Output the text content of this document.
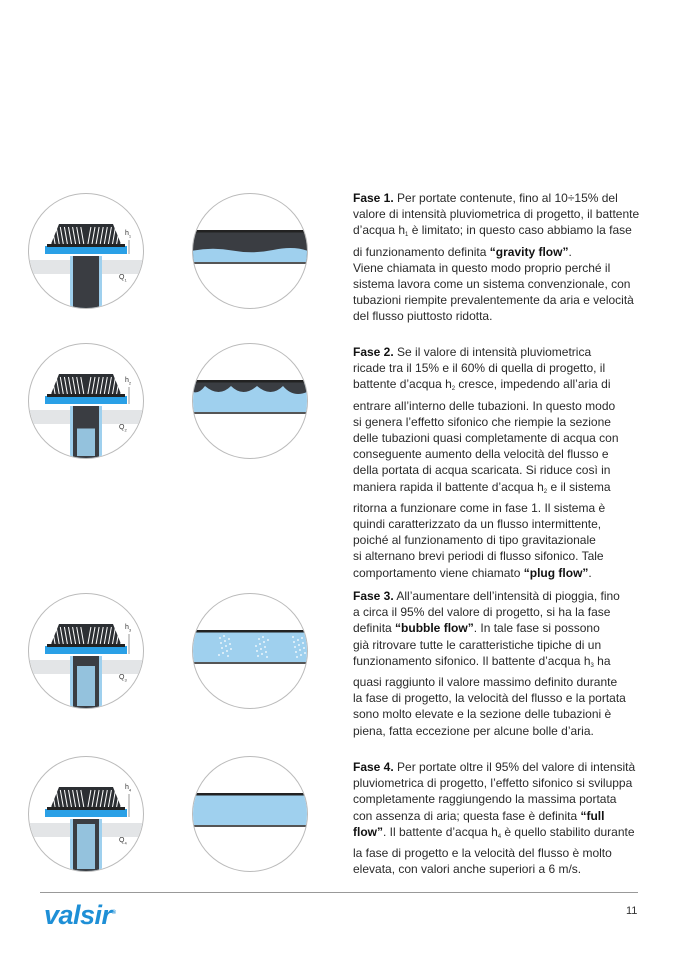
$h_1$
$Q_1$
Fase 1. Per portate contenute, fino al 10÷15% del
valore di intensità pluviometrica di progetto, il battente
d’acqua $h_1$ è limitato; in questo caso abbiamo la fase
di funzionamento definita “gravity flow”.
Viene chiamata in questo modo proprio perché il
sistema lavora come un sistema convenzionale, con
tubazioni riempite prevalentemente da aria e velocità
del flusso piuttosto ridotta.
$h_2$
$Q_2$
Fase 2. Se il valore di intensità pluviometrica
ricade tra il 15% e il 60% di quella di progetto, il
battente d’acqua $h_2$ cresce, impedendo all’aria di
entrare all’interno delle tubazioni. In questo modo
si genera l’effetto sifonico che riempie la sezione
delle tubazioni quasi completamente di acqua con
conseguente aumento della velocità del flusso e
della portata di acqua scaricata. Si riduce così in
maniera rapida il battente d’acqua $h_2$ e il sistema
ritorna a funzionare come in fase 1. Il sistema è
quindi caratterizzato da un flusso intermittente,
poiché al funzionamento di tipo gravitazionale
si alternano brevi periodi di flusso sifonico. Tale
comportamento viene chiamato “plug flow”.
$h_3$
$Q_3$
Fase 3. All’aumentare dell’intensità di pioggia, fino
a circa il 95% del valore di progetto, si ha la fase
definita “bubble flow”. In tale fase si possono
già ritrovare tutte le caratteristiche tipiche di un
funzionamento sifonico. Il battente d’acqua $h_3$ ha
quasi raggiunto il valore massimo definito durante
la fase di progetto, la velocità del flusso e la portata
sono molto elevate e la sezione delle tubazioni è
piena, fatta eccezione per alcune bolle d’aria.
$h_4$
$Q_4$
Fase 4. Per portate oltre il 95% del valore di intensità
pluviometrica di progetto, l’effetto sifonico si sviluppa
completamente raggiungendo la massima portata
con assenza di aria; questa fase è definita “full
flow”. Il battente d’acqua $h_4$ è quello stabilito durante
la fase di progetto e la velocità del flusso è molto
elevata, con valori anche superiori a 6 m/s.
valsir®	11
